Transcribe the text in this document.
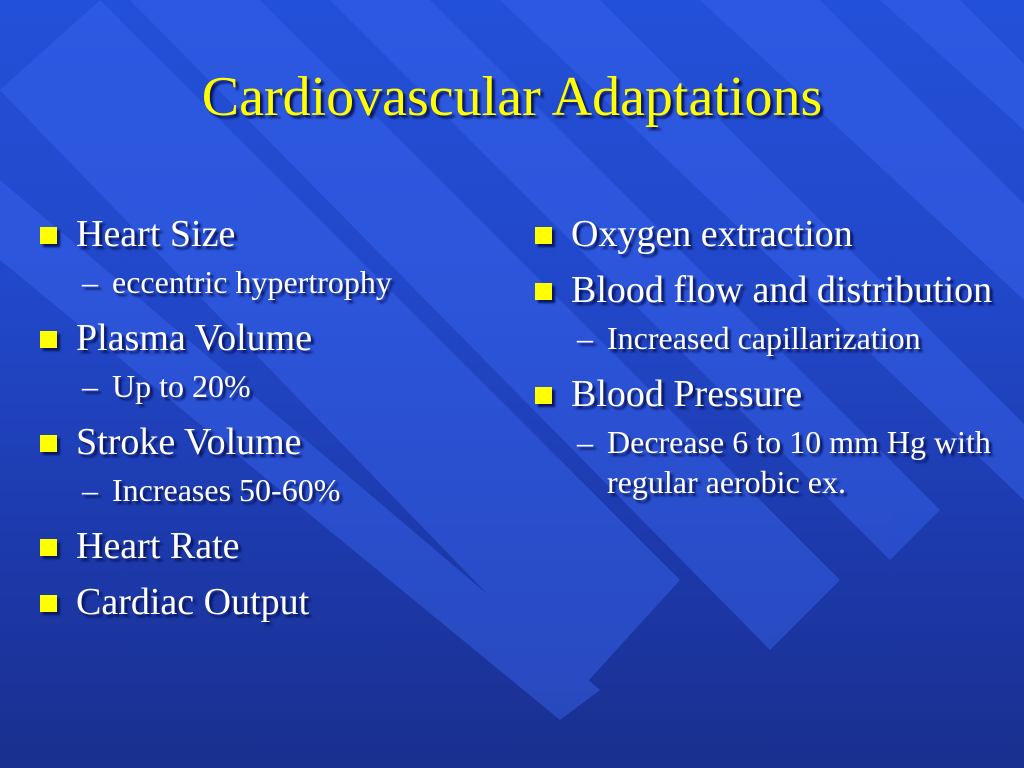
Cardiovascular Adaptations
Heart Size
– eccentric hypertrophy
Plasma Volume
– Up to 20%
Stroke Volume
– Increases 50-60%
Heart Rate
Cardiac Output
Oxygen extraction
Blood flow and distribution
– Increased capillarization
Blood Pressure
– Decrease 6 to 10 mm Hg with regular aerobic ex.
